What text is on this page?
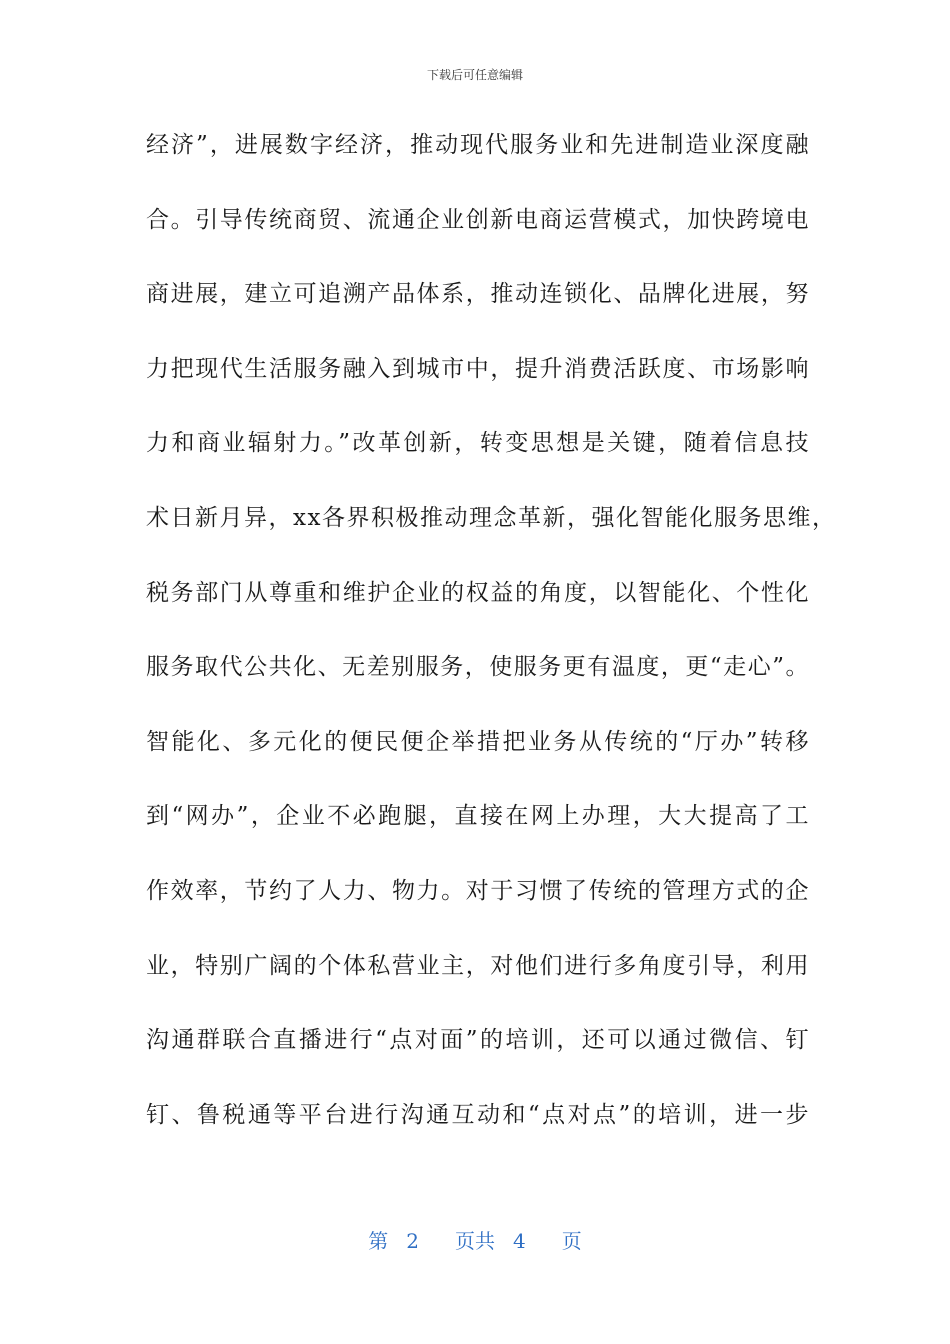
下载后可任意编辑
经济”，进展数字经济，推动现代服务业和先进制造业深度融
合。引导传统商贸、流通企业创新电商运营模式，加快跨境电
商进展，建立可追溯产品体系，推动连锁化、品牌化进展，努
力把现代生活服务融入到城市中，提升消费活跃度、市场影响
力和商业辐射力。”改革创新，转变思想是关键，随着信息技
术日新月异，xx各界积极推动理念革新，强化智能化服务思维，
税务部门从尊重和维护企业的权益的角度，以智能化、个性化
服务取代公共化、无差别服务，使服务更有温度，更“走心”。
智能化、多元化的便民便企举措把业务从传统的“厅办”转移
到“网办”，企业不必跑腿，直接在网上办理，大大提高了工
作效率，节约了人力、物力。对于习惯了传统的管理方式的企
业，特别广阔的个体私营业主，对他们进行多角度引导，利用
沟通群联合直播进行“点对面”的培训，还可以通过微信、钉
钉、鲁税通等平台进行沟通互动和“点对点”的培训，进一步
第 2 页共 4 页
